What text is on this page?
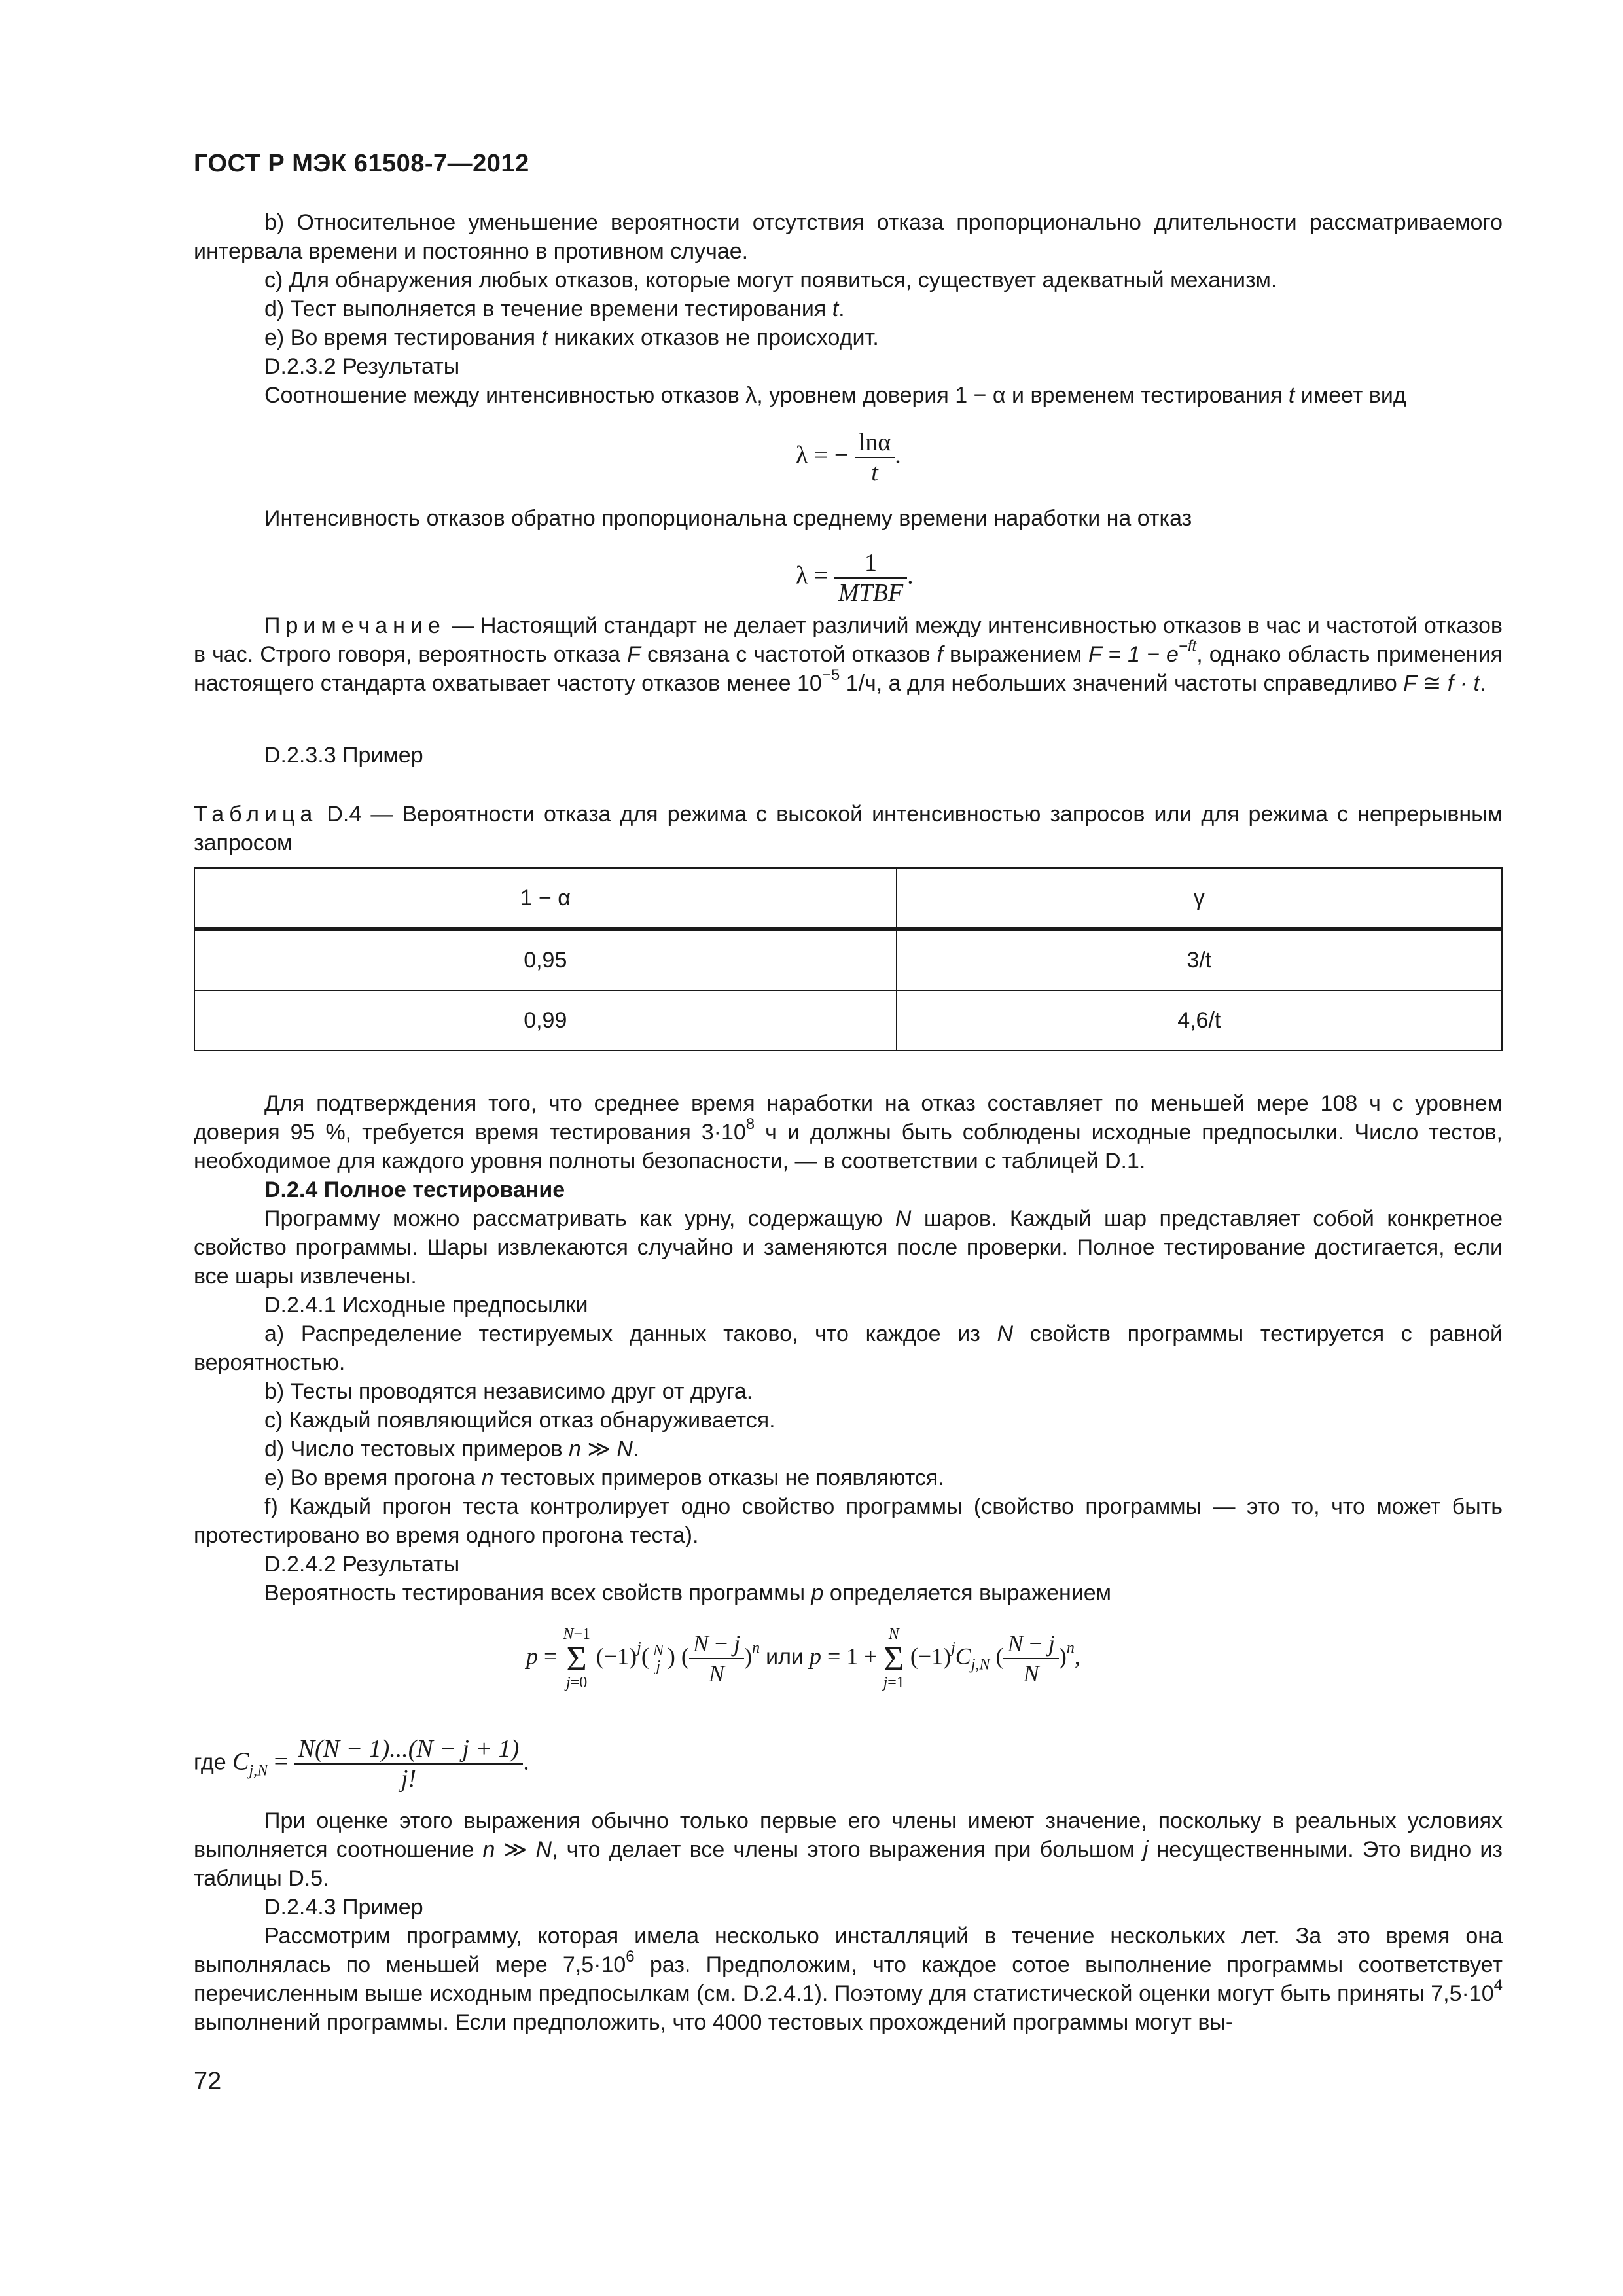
ГОСТ Р МЭК 61508-7—2012

b) Относительное уменьшение вероятности отсутствия отказа пропорционально длительности рассматриваемого интервала времени и постоянно в противном случае.

c) Для обнаружения любых отказов, которые могут появиться, существует адекватный механизм.

d) Тест выполняется в течение времени тестирования t.

e) Во время тестирования t никаких отказов не происходит.

D.2.3.2 Результаты

Соотношение между интенсивностью отказов λ, уровнем доверия 1 − α и временем тестирования t имеет вид

λ = − $\frac{\ln\alpha}{t}$ .

Интенсивность отказов обратно пропорциональна среднему времени наработки на отказ

$\lambda = \frac{1}{\text{MTBF}}$ .

Примечание — Настоящий стандарт не делает различий между интенсивностью отказов в час и частотой отказов в час. Строго говоря, вероятность отказа F связана с частотой отказов f выражением $F = 1 - e^{-ft}$, однако область применения настоящего стандарта охватывает частоту отказов менее $10^{-5}$ 1/ч, а для небольших значений частоты справедливо F ≅ f · t.

D.2.3.3 Пример

Таблица D.4 — Вероятности отказа для режима с высокой интенсивностью запросов или для режима с непрерывным запросом

1 − α	γ
0,95	3/t
0,99	4,6/t

Для подтверждения того, что среднее время наработки на отказ составляет по меньшей мере 108 ч с уровнем доверия 95 %, требуется время тестирования $3\cdot 10^8$ ч и должны быть соблюдены исходные предпосылки. Число тестов, необходимое для каждого уровня полноты безопасности, — в соответствии с таблицей D.1.

D.2.4 Полное тестирование

Программу можно рассматривать как урну, содержащую N шаров. Каждый шар представляет собой конкретное свойство программы. Шары извлекаются случайно и заменяются после проверки. Полное тестирование достигается, если все шары извлечены.

D.2.4.1 Исходные предпосылки

a) Распределение тестируемых данных таково, что каждое из N свойств программы тестируется с равной вероятностью.

b) Тесты проводятся независимо друг от друга.

c) Каждый появляющийся отказ обнаруживается.

d) Число тестовых примеров n ≫ N.

e) Во время прогона n тестовых примеров отказы не появляются.

f) Каждый прогон теста контролирует одно свойство программы (свойство программы — это то, что может быть протестировано во время одного прогона теста).

D.2.4.2 Результаты

Вероятность тестирования всех свойств программы p определяется выражением

p = N−1
Σ
j=0 $(-1)^j$( N
j ) ( $\frac{N - j}{N} )^n$ или p = 1 + N
Σ
j=1 $(-1)^jC_{j,N}$ ( $\frac{N - j}{N} )^n$,
где $C_{j,N} = \frac{N(N - 1)...(N - j + 1)}{j!}$ .

При оценке этого выражения обычно только первые его члены имеют значение, поскольку в реальных условиях выполняется соотношение n ≫ N, что делает все члены этого выражения при большом j несущественными. Это видно из таблицы D.5.

D.2.4.3 Пример

Рассмотрим программу, которая имела несколько инсталляций в течение нескольких лет. За это время она выполнялась по меньшей мере $7,5\cdot 10^6$ раз. Предположим, что каждое сотое выполнение программы соответствует перечисленным выше исходным предпосылкам (см. D.2.4.1). Поэтому для статистической оценки могут быть приняты $7,5\cdot 10^4$ выполнений программы. Если предположить, что 4000 тестовых прохождений программы могут вы-

72
